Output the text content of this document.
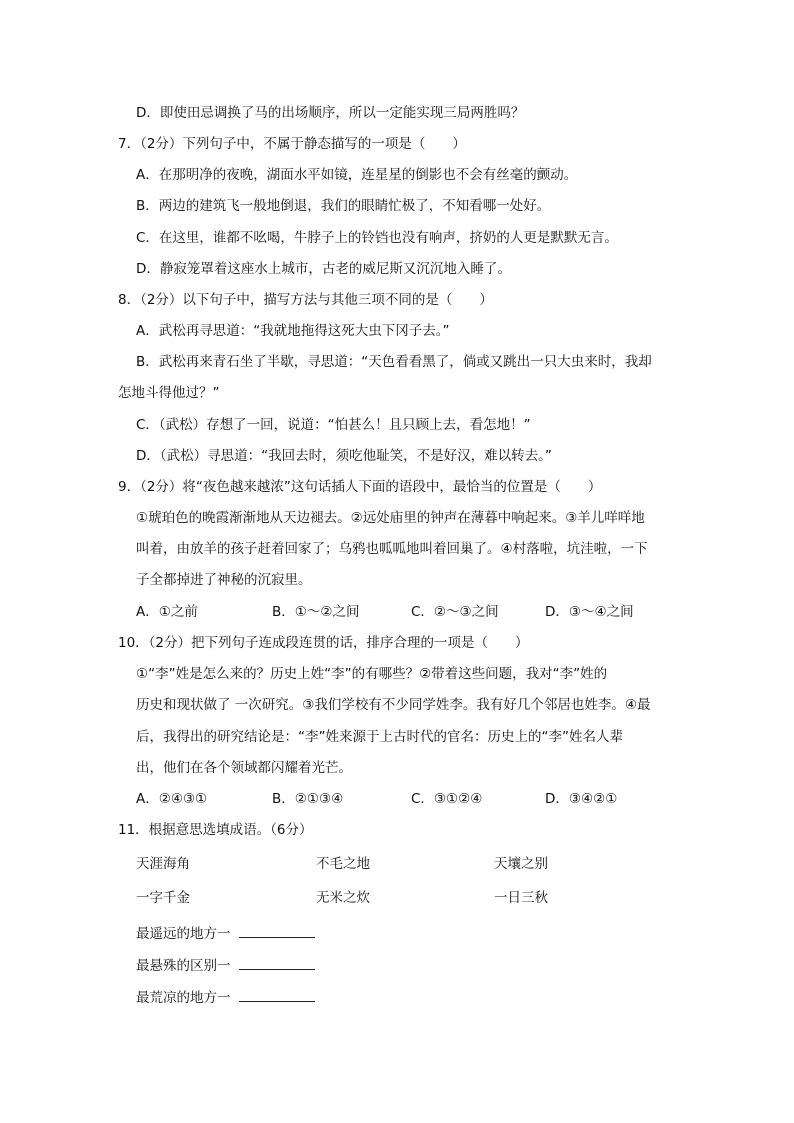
D．即使田忌调换了马的出场顺序，所以一定能实现三局两胜吗？
7．（2分）下列句子中，不属于静态描写的一项是（　　）
A．在那明净的夜晚，湖面水平如镜，连星星的倒影也不会有丝毫的颤动。
B．两边的建筑飞一般地倒退，我们的眼睛忙极了，不知看哪一处好。
C．在这里，谁都不吆喝，牛脖子上的铃铛也没有响声，挤奶的人更是默默无言。
D．静寂笼罩着这座水上城市，古老的威尼斯又沉沉地入睡了。
8．（2分）以下句子中，描写方法与其他三项不同的是（　　）
A．武松再寻思道：“我就地拖得这死大虫下冈子去。”
B．武松再来青石坐了半歇，寻思道：“天色看看黑了，倘或又跳出一只大虫来时，我却
怎地斗得他过？”
C．（武松）存想了一回，说道：“怕甚么！且只顾上去，看怎地！”
D．（武松）寻思道：“我回去时，须吃他耻笑，不是好汉，难以转去。”
9．（2分）将“夜色越来越浓”这句话插人下面的语段中，最恰当的位置是（　　）
①琥珀色的晚霞渐渐地从天边褪去。②远处庙里的钟声在薄暮中响起来。③羊儿咩咩地
叫着，由放羊的孩子赶着回家了；乌鸦也呱呱地叫着回巢了。④村落啦，坑洼啦，一下
子全都掉进了神秘的沉寂里。
A．①之前	B．①～②之间	C．②～③之间	D．③～④之间
10．（2分）把下列句子连成段连贯的话，排序合理的一项是（　　）
①“李”姓是怎么来的？历史上姓“李”的有哪些？②带着这些问题，我对“李”姓的
历史和现状做了 一次研究。③我们学校有不少同学姓李。我有好几个邻居也姓李。④最
后，我得出的研究结论是：“李”姓来源于上古时代的官名：历史上的“李”姓名人辈
出，他们在各个领域都闪耀着光芒。
A．②④③①	B．②①③④	C．③①②④	D．③④②①
11．根据意思选填成语。（6分）
天涯海角	不毛之地	天壤之别
一字千金	无米之炊	一日三秋
最遥远的地方一
最悬殊的区别一
最荒凉的地方一
